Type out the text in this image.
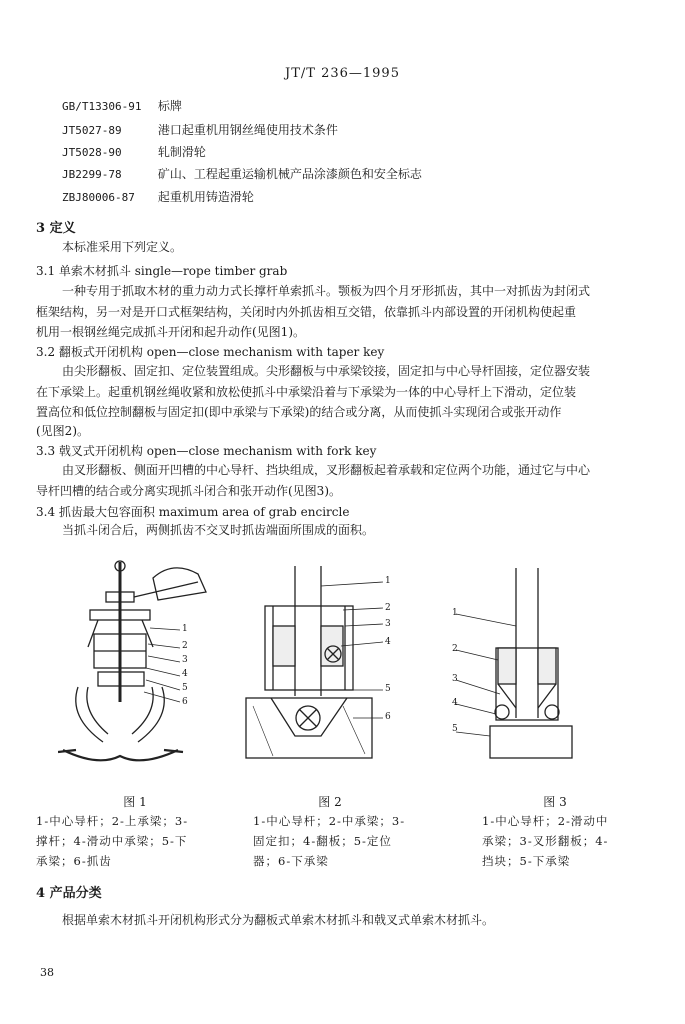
JT/T 236—1995
GB/T13306-91 标牌
JT5027-89	港口起重机用钢丝绳使用技术条件
JT5028-90	轧制滑轮
JB2299-78	矿山、工程起重运输机械产品涂漆颜色和安全标志
ZBJ80006-87 起重机用铸造滑轮
3 定义
本标准采用下列定义。
3.1 单索木材抓斗 single—rope timber grab
一种专用于抓取木材的重力动力式长撑杆单索抓斗。颚板为四个月牙形抓齿，其中一对抓齿为封闭式
框架结构，另一对是开口式框架结构，关闭时内外抓齿相互交错，依靠抓斗内部设置的开闭机构使起重
机用一根钢丝绳完成抓斗开闭和起升动作(见图1)。
3.2 翻板式开闭机构 open—close mechanism with taper key
由尖形翻板、固定扣、定位装置组成。尖形翻板与中承梁铰接，固定扣与中心导杆固接，定位器安装
在下承梁上。起重机钢丝绳收紧和放松使抓斗中承梁沿着与下承梁为一体的中心导杆上下滑动，定位装
置高位和低位控制翻板与固定扣(即中承梁与下承梁)的结合或分离，从而使抓斗实现闭合或张开动作
(见图2)。
3.3 戟叉式开闭机构 open—close mechanism with fork key
由叉形翻板、侧面开凹槽的中心导杆、挡块组成，叉形翻板起着承载和定位两个功能，通过它与中心
导杆凹槽的结合或分离实现抓斗闭合和张开动作(见图3)。
3.4 抓齿最大包容面积 maximum area of grab encircle
当抓斗闭合后，两侧抓齿不交叉时抓齿端面所围成的面积。
1
2
3
4
5
6
1
2
3
4
5
6
1
2
3
4
5
图 1	图 2	图 3
1-中心导杆；2-上承梁；3-
撑杆；4-滑动中承梁；5-下
承梁；6-抓齿
1-中心导杆；2-中承梁；3-
固定扣；4-翻板；5-定位
器；6-下承梁
1-中心导杆；2-滑动中
承梁；3-叉形翻板；4-
挡块；5-下承梁
4 产品分类
根据单索木材抓斗开闭机构形式分为翻板式单索木材抓斗和戟叉式单索木材抓斗。
38
